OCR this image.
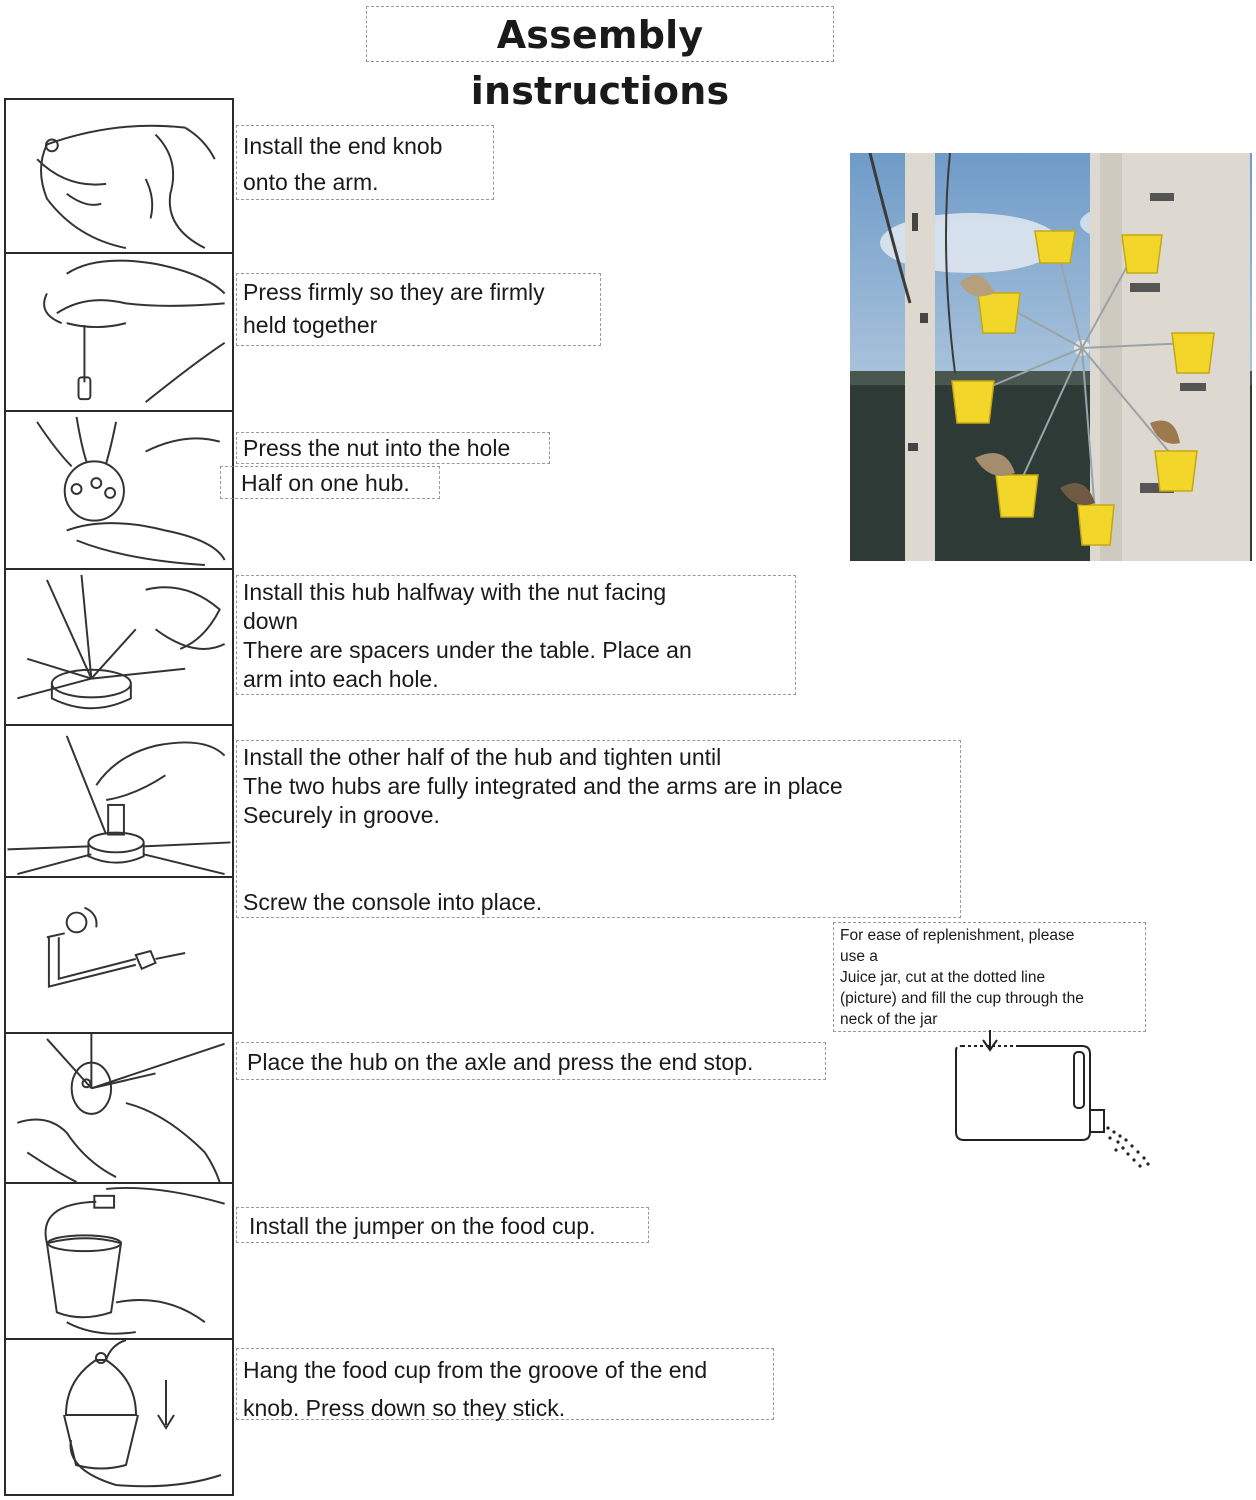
Assembly instructions
Install the end knob
onto the arm.
Press firmly so they are firmly
held together
Press the nut into the hole
Half on one hub.
Install this hub halfway with the nut facing
down
There are spacers under the table. Place an
arm into each hole.
Install the other half of the hub and tighten until
The two hubs are fully integrated and the arms are in place
Securely in groove.

Screw the console into place.
Place the hub on the axle and press the end stop.
Install the jumper on the food cup.
Hang the food cup from the groove of the end
knob. Press down so they stick.
For ease of replenishment, please
use a
Juice jar, cut at the dotted line
(picture) and fill the cup through the
neck of the jar
